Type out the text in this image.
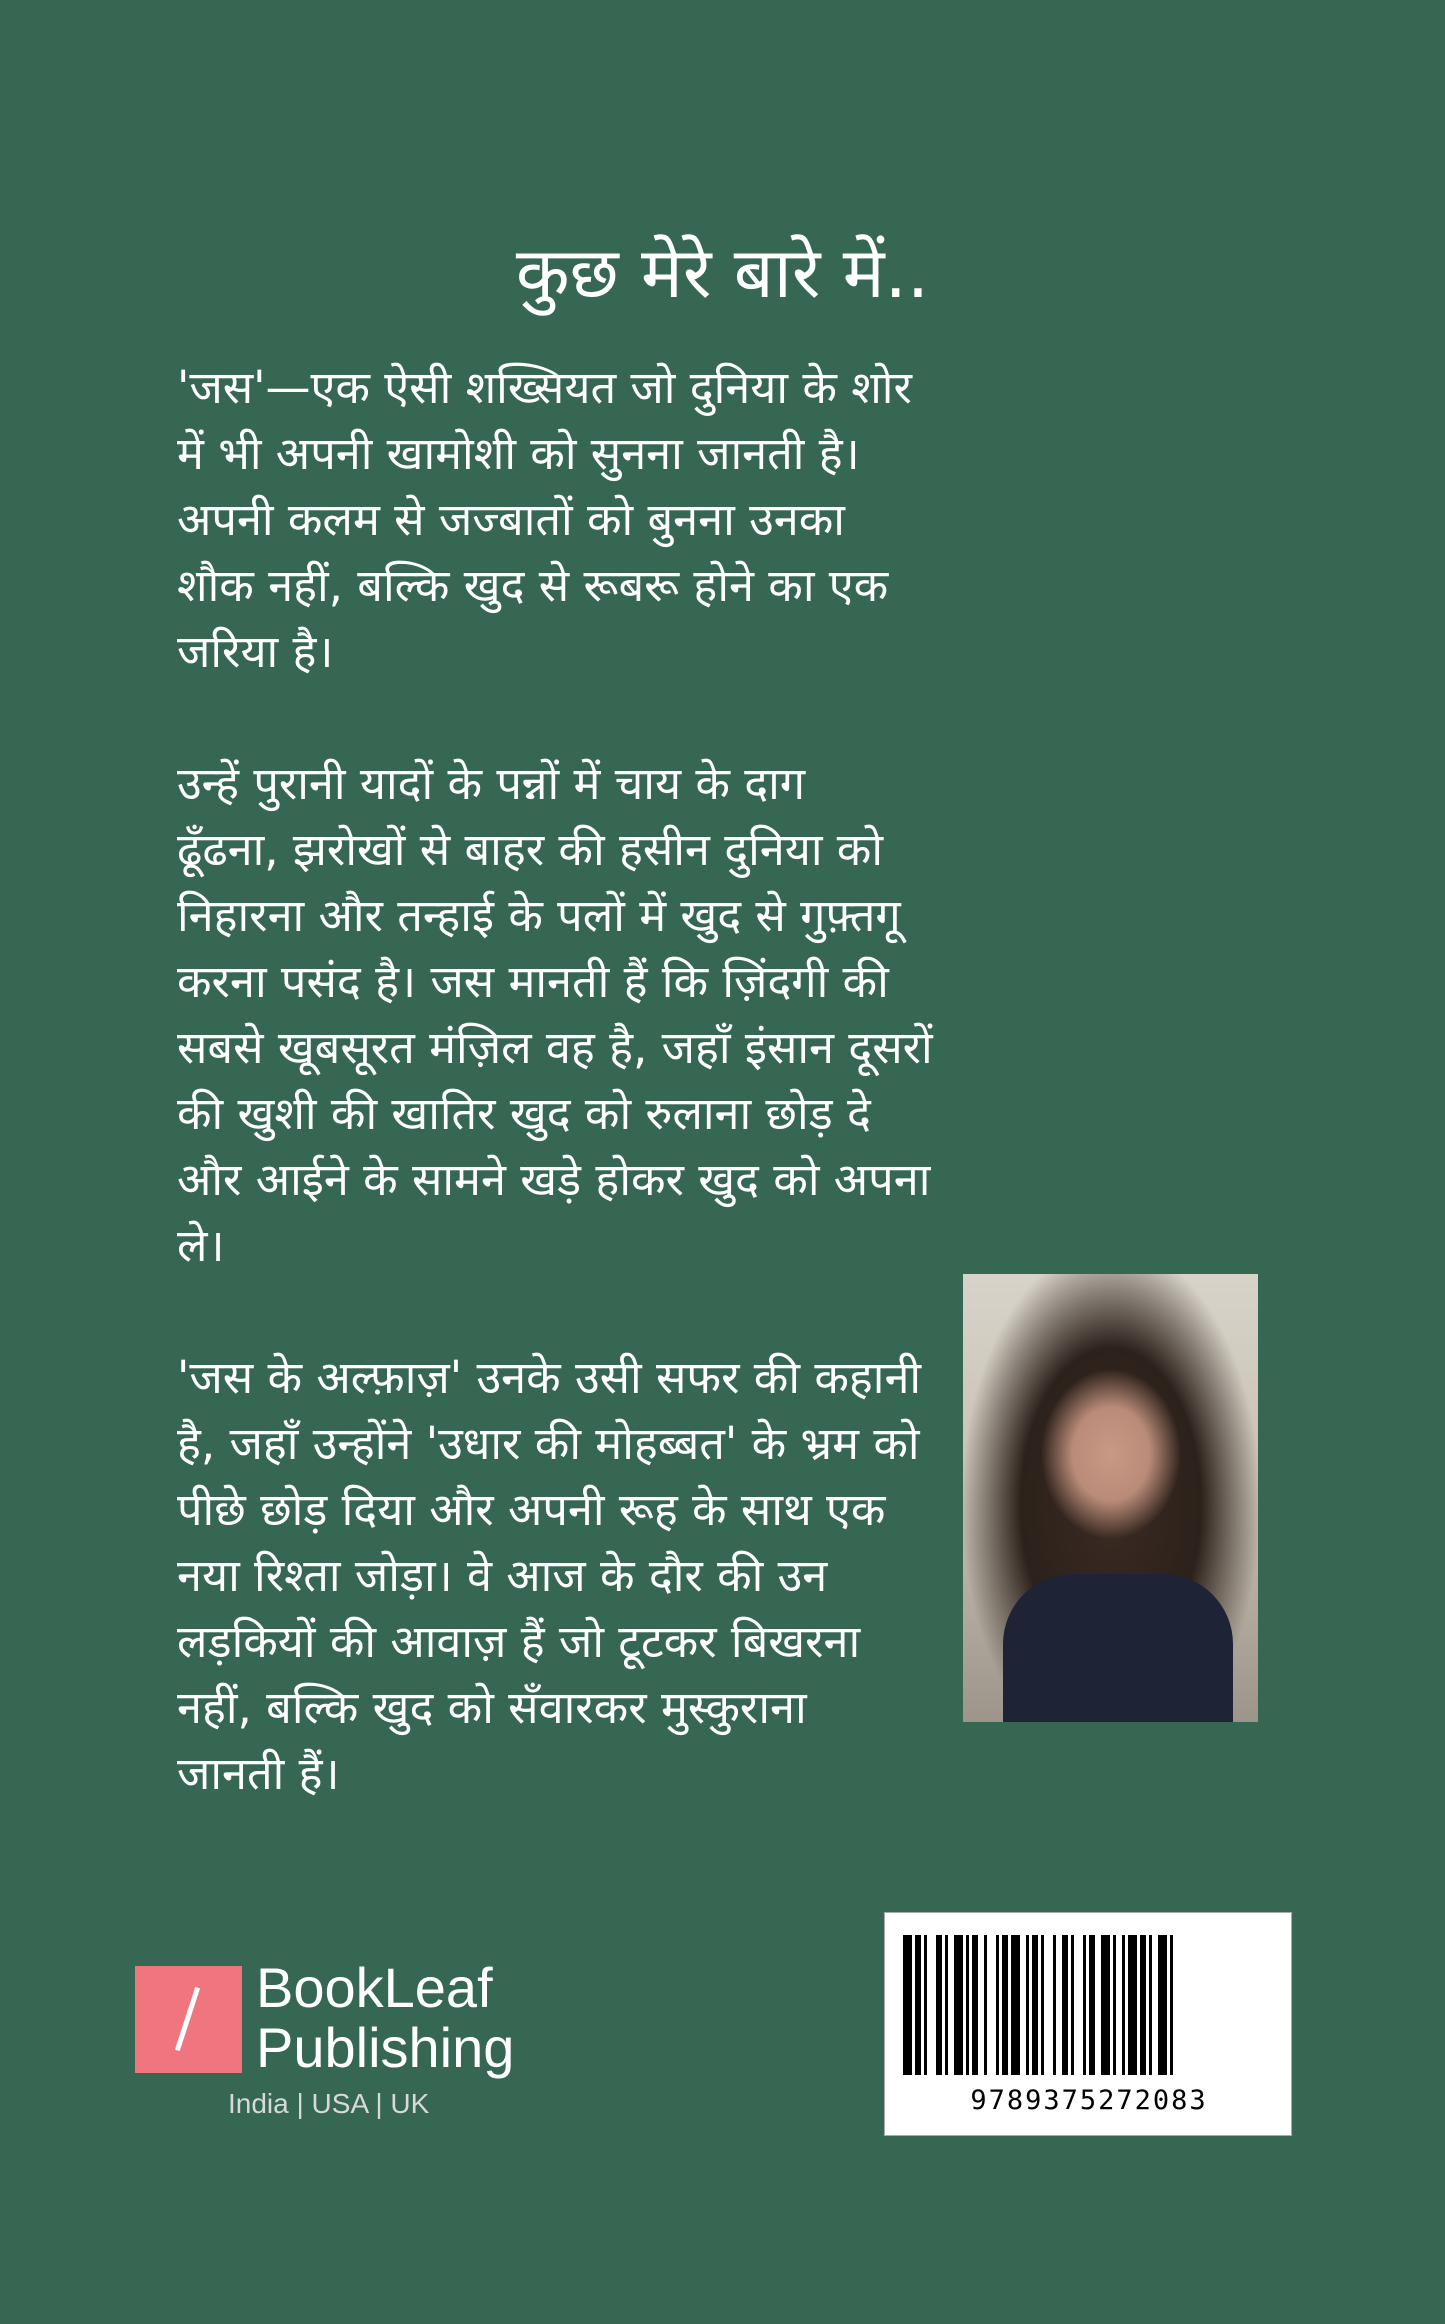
कुछ मेरे बारे में..

'जस'—एक ऐसी शख्सियत जो दुनिया के शोर
में भी अपनी खामोशी को सुनना जानती है।
अपनी कलम से जज्बातों को बुनना उनका
शौक नहीं, बल्कि खुद से रूबरू होने का एक
जरिया है।

उन्हें पुरानी यादों के पन्नों में चाय के दाग
ढूँढना, झरोखों से बाहर की हसीन दुनिया को
निहारना और तन्हाई के पलों में खुद से गुफ़्तगू
करना पसंद है। जस मानती हैं कि ज़िंदगी की
सबसे खूबसूरत मंज़िल वह है, जहाँ इंसान दूसरों
की खुशी की खातिर खुद को रुलाना छोड़ दे
और आईने के सामने खड़े होकर खुद को अपना
ले।

'जस के अल्फ़ाज़' उनके उसी सफर की कहानी
है, जहाँ उन्होंने 'उधार की मोहब्बत' के भ्रम को
पीछे छोड़ दिया और अपनी रूह के साथ एक
नया रिश्ता जोड़ा। वे आज के दौर की उन
लड़कियों की आवाज़ हैं जो टूटकर बिखरना
नहीं, बल्कि खुद को सँवारकर मुस्कुराना
जानती हैं।

BookLeaf
Publishing
India | USA | UK	9789375272083
